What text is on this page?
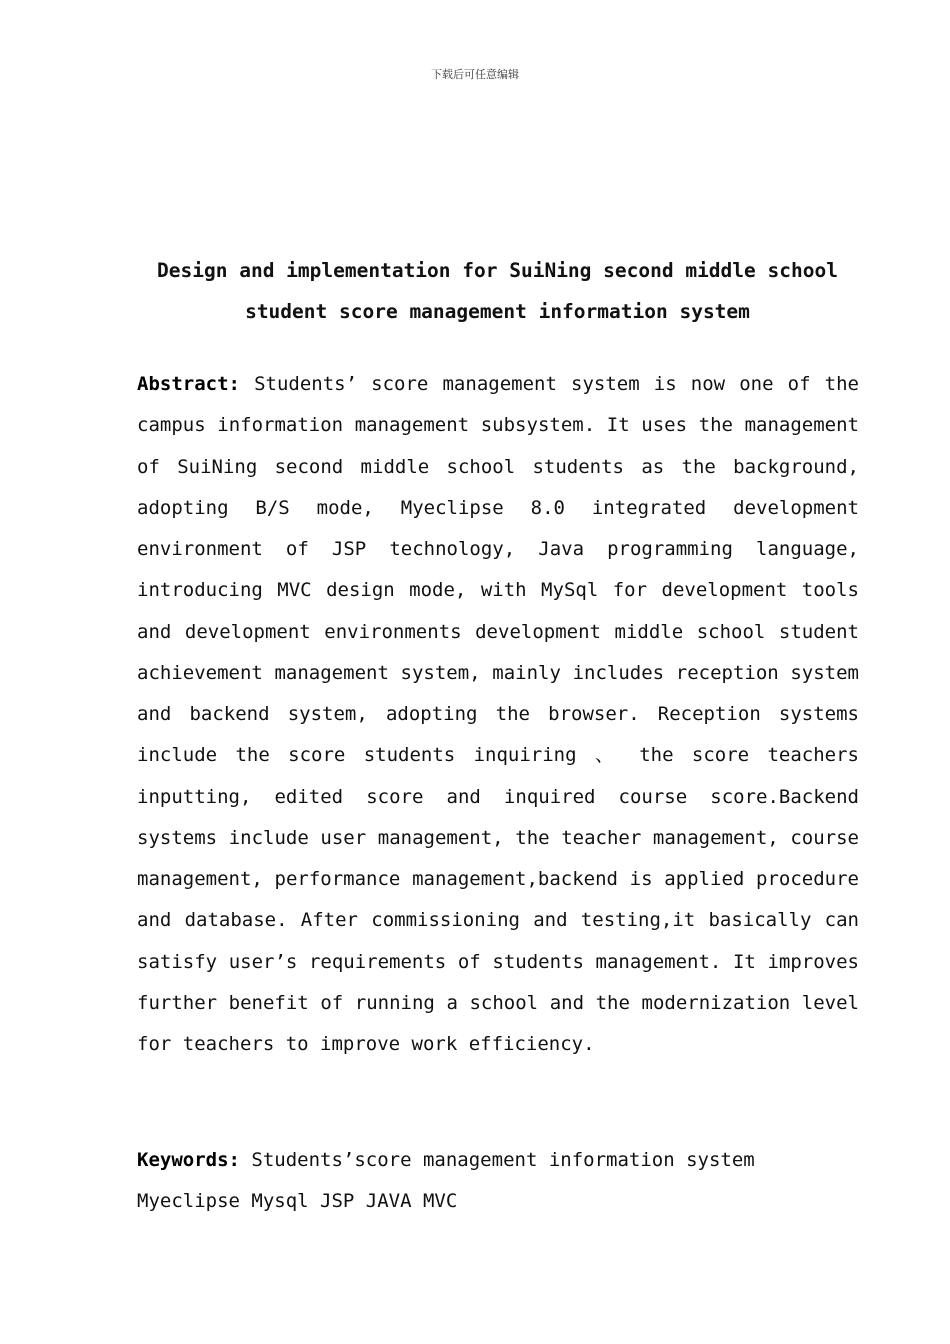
下载后可任意编辑
Design and implementation for SuiNing second middle school
student score management information system

Abstract: Students’ score management system is now one of the campus information management subsystem. It uses the management of SuiNing second middle school students as the background, adopting B/S mode, Myeclipse 8.0 integrated development environment of JSP technology, Java programming language, introducing MVC design mode, with MySql for development tools and development environments development middle school student achievement management system, mainly includes reception system and backend system, adopting the browser. Reception systems include the score students inquiring 、 the score teachers inputting, edited score and inquired course score.Backend systems include user management, the teacher management, course management, performance management,backend is applied procedure and database. After commissioning and testing,it basically can satisfy user’s requirements of students management. It improves further benefit of running a school and the modernization level for teachers to improve work efficiency.

Keywords: Students’score management information system
Myeclipse Mysql JSP JAVA MVC
